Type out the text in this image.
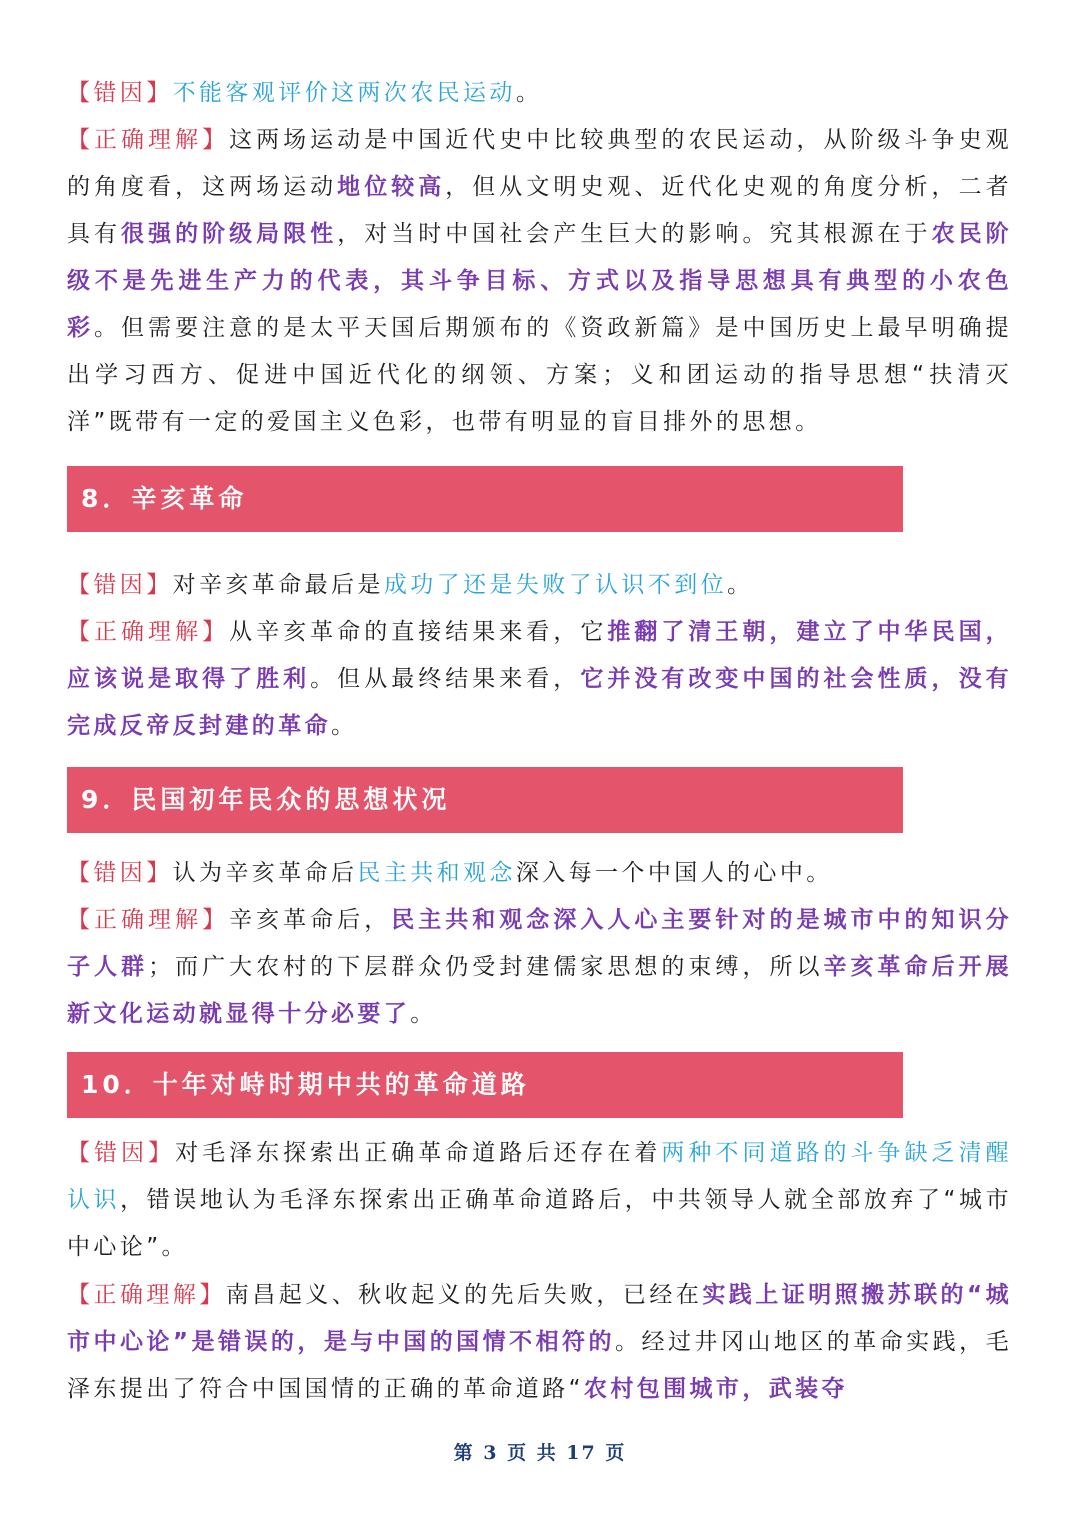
【错因】不能客观评价这两次农民运动。

【正确理解】这两场运动是中国近代史中比较典型的农民运动，从阶级斗争史观的角度看，这两场运动地位较高，但从文明史观、近代化史观的角度分析，二者具有很强的阶级局限性，对当时中国社会产生巨大的影响。究其根源在于农民阶级不是先进生产力的代表，其斗争目标、方式以及指导思想具有典型的小农色彩。但需要注意的是太平天国后期颁布的《资政新篇》是中国历史上最早明确提出学习西方、促进中国近代化的纲领、方案；义和团运动的指导思想“扶清灭洋”既带有一定的爱国主义色彩，也带有明显的盲目排外的思想。

8．辛亥革命

【错因】对辛亥革命最后是成功了还是失败了认识不到位。

【正确理解】从辛亥革命的直接结果来看，它推翻了清王朝，建立了中华民国，应该说是取得了胜利。但从最终结果来看，它并没有改变中国的社会性质，没有完成反帝反封建的革命。

9．民国初年民众的思想状况

【错因】认为辛亥革命后民主共和观念深入每一个中国人的心中。

【正确理解】辛亥革命后，民主共和观念深入人心主要针对的是城市中的知识分子人群；而广大农村的下层群众仍受封建儒家思想的束缚，所以辛亥革命后开展新文化运动就显得十分必要了。

10．十年对峙时期中共的革命道路

【错因】对毛泽东探索出正确革命道路后还存在着两种不同道路的斗争缺乏清醒认识，错误地认为毛泽东探索出正确革命道路后，中共领导人就全部放弃了“城市中心论”。

【正确理解】南昌起义、秋收起义的先后失败，已经在实践上证明照搬苏联的“城市中心论”是错误的，是与中国的国情不相符的。经过井冈山地区的革命实践，毛泽东提出了符合中国国情的正确的革命道路“农村包围城市，武装夺

第 3 页 共 17 页
